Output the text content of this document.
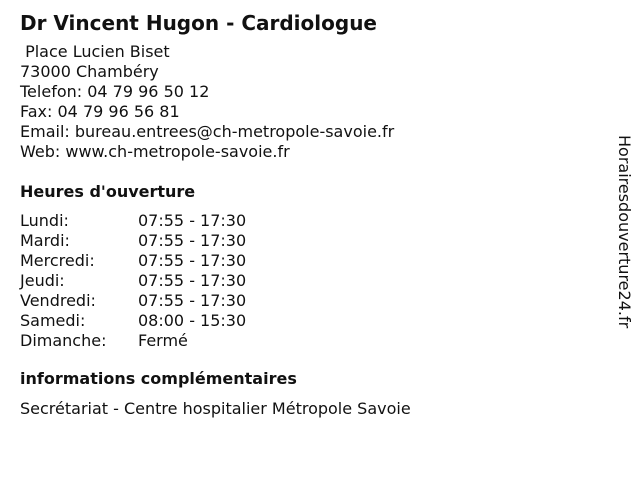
Dr Vincent Hugon - Cardiologue
Place Lucien Biset
73000 Chambéry
Telefon: 04 79 96 50 12
Fax: 04 79 96 56 81
Email: bureau.entrees@ch-metropole-savoie.fr
Web: www.ch-metropole-savoie.fr
Heures d'ouverture
Lundi:	07:55 - 17:30
Mardi:	07:55 - 17:30
Mercredi:	07:55 - 17:30
Jeudi:	07:55 - 17:30
Vendredi:	07:55 - 17:30
Samedi:	08:00 - 15:30
Dimanche:	Fermé
informations complémentaires
Secrétariat - Centre hospitalier Métropole Savoie
Horairesdouverture24.fr
